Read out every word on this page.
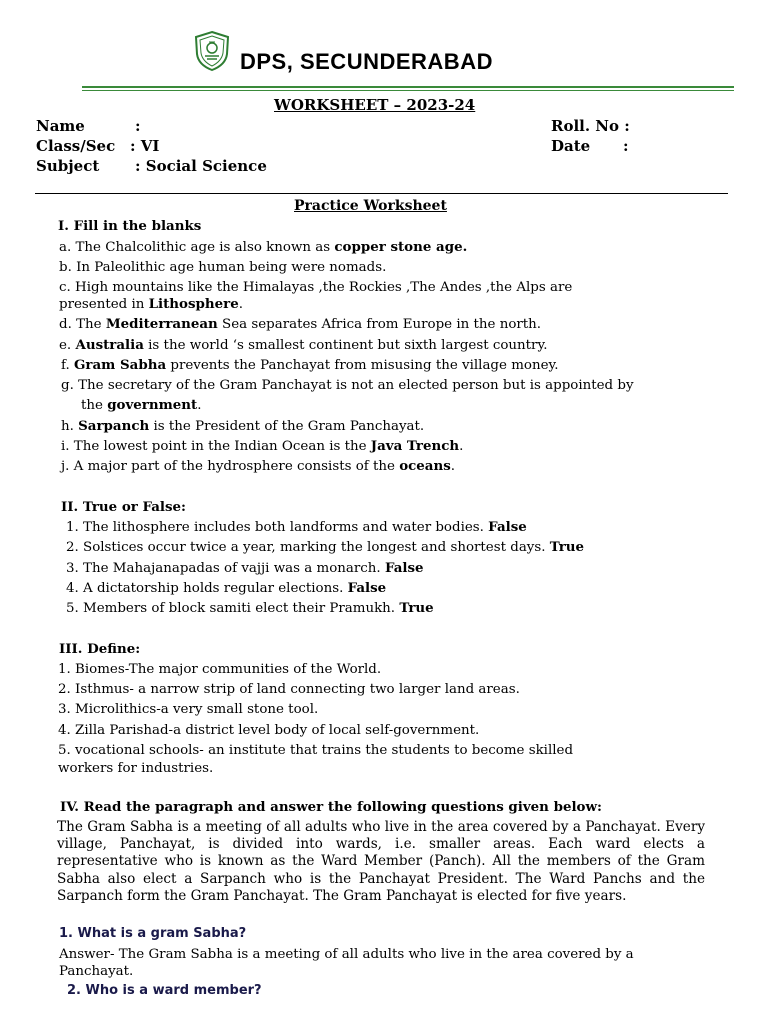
DPS, SECUNDERABAD
WORKSHEET – 2023-24
Name	:
Class/Sec : VI
Subject : Social Science
Roll. No :
Date :
Practice Worksheet
I. Fill in the blanks
a. The Chalcolithic age is also known as copper stone age.
b. In Paleolithic age human being were nomads.
c. High mountains like the Himalayas ,the Rockies ,The Andes ,the Alps are
presented in Lithosphere.
d. The Mediterranean Sea separates Africa from Europe in the north.
e. Australia is the world ‘s smallest continent but sixth largest country.
f. Gram Sabha prevents the Panchayat from misusing the village money.
g. The secretary of the Gram Panchayat is not an elected person but is appointed by
the government.
h. Sarpanch is the President of the Gram Panchayat.
i. The lowest point in the Indian Ocean is the Java Trench.
j. A major part of the hydrosphere consists of the oceans.
II. True or False:
1. The lithosphere includes both landforms and water bodies. False
2. Solstices occur twice a year, marking the longest and shortest days. True
3. The Mahajanapadas of vajji was a monarch. False
4. A dictatorship holds regular elections. False
5. Members of block samiti elect their Pramukh. True
III. Define:
1. Biomes-The major communities of the World.
2. Isthmus- a narrow strip of land connecting two larger land areas.
3. Microlithics-a very small stone tool.
4. Zilla Parishad-a district level body of local self-government.
5. vocational schools- an institute that trains the students to become skilled
workers for industries.
IV. Read the paragraph and answer the following questions given below:
The Gram Sabha is a meeting of all adults who live in the area covered by a Panchayat. Every village, Panchayat, is divided into wards, i.e. smaller areas. Each ward elects a representative who is known as the Ward Member (Panch). All the members of the Gram Sabha also elect a Sarpanch who is the Panchayat President. The Ward Panchs and the Sarpanch form the Gram Panchayat. The Gram Panchayat is elected for five years.
1. What is a gram Sabha?
Answer- The Gram Sabha is a meeting of all adults who live in the area covered by a
Panchayat.
2. Who is a ward member?
